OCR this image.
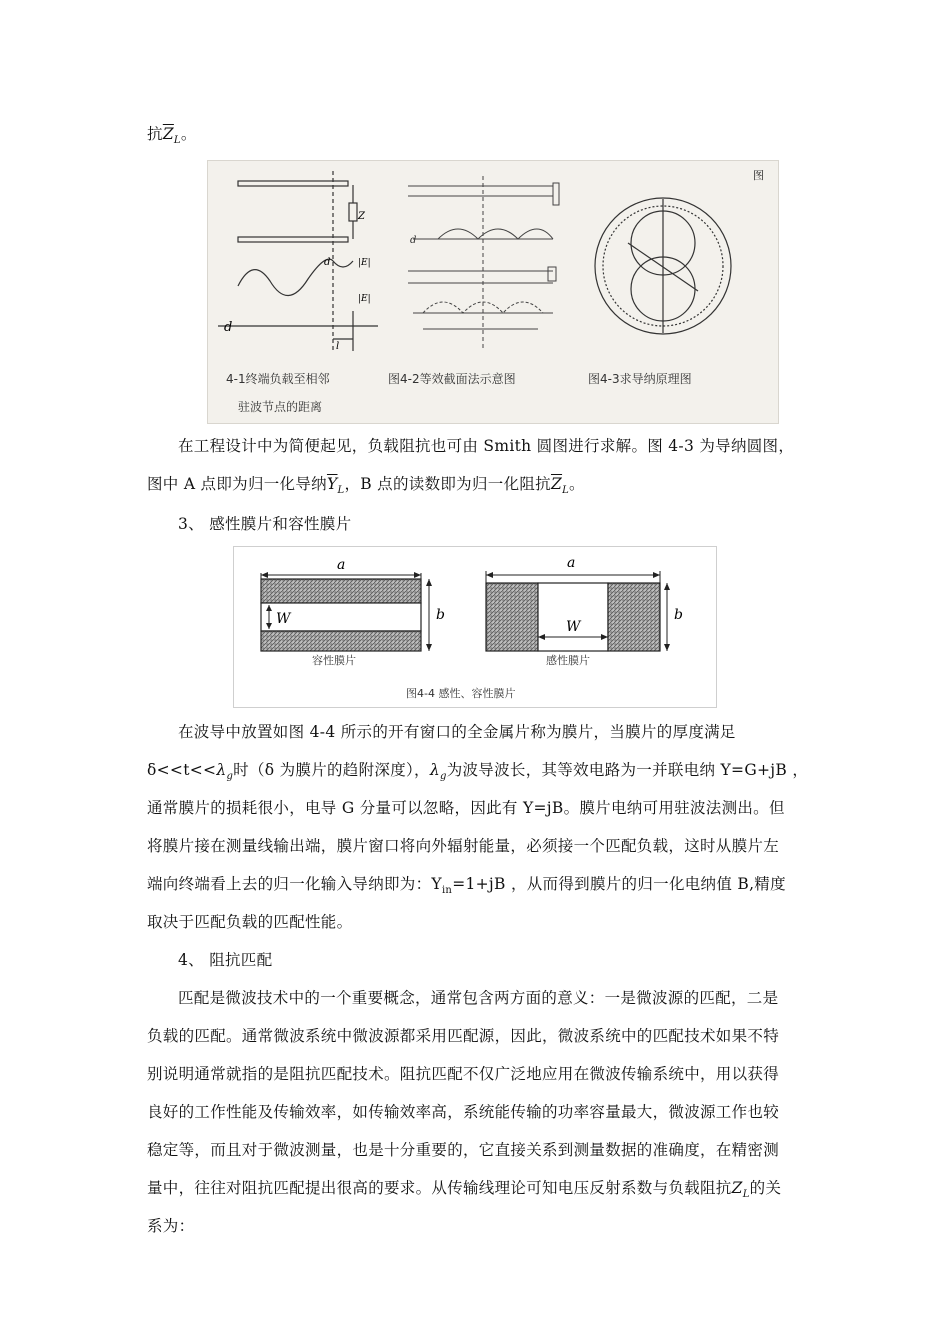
抗$\overline{Z}_L$。
d
d
Z
|E|
|E|
l
d
图
4-1终端负载至相邻
驻波节点的距离
图4-2等效截面法示意图	图4-3求导纳原理图
在工程设计中为简便起见，负载阻抗也可由 Smith 圆图进行求解。图 4-3 为导纳圆图，
图中 A 点即为归一化导纳$\overline{Y}_L$，B 点的读数即为归一化阻抗$\overline{Z}_L$。
3、 感性膜片和容性膜片
a
b
W
容性膜片
a
b
W
感性膜片
图4-4 感性、容性膜片
在波导中放置如图 4-4 所示的开有窗口的全金属片称为膜片，当膜片的厚度满足
$\delta<<t<<\lambda_g$时（δ 为膜片的趋附深度），$\lambda_g$为波导波长，其等效电路为一并联电纳 Y=G+jB ，
通常膜片的损耗很小，电导 G 分量可以忽略，因此有 Y=jB。膜片电纳可用驻波法测出。但
将膜片接在测量线输出端，膜片窗口将向外辐射能量，必须接一个匹配负载，这时从膜片左
端向终端看上去的归一化输入导纳即为：$Y_{in}=1+jB$ ，从而得到膜片的归一化电纳值 B,精度
取决于匹配负载的匹配性能。
4、 阻抗匹配
匹配是微波技术中的一个重要概念，通常包含两方面的意义：一是微波源的匹配，二是
负载的匹配。通常微波系统中微波源都采用匹配源，因此，微波系统中的匹配技术如果不特
别说明通常就指的是阻抗匹配技术。阻抗匹配不仅广泛地应用在微波传输系统中，用以获得
良好的工作性能及传输效率，如传输效率高，系统能传输的功率容量最大，微波源工作也较
稳定等，而且对于微波测量，也是十分重要的，它直接关系到测量数据的准确度，在精密测
量中，往往对阻抗匹配提出很高的要求。从传输线理论可知电压反射系数与负载阻抗$Z_L$的关
系为：
